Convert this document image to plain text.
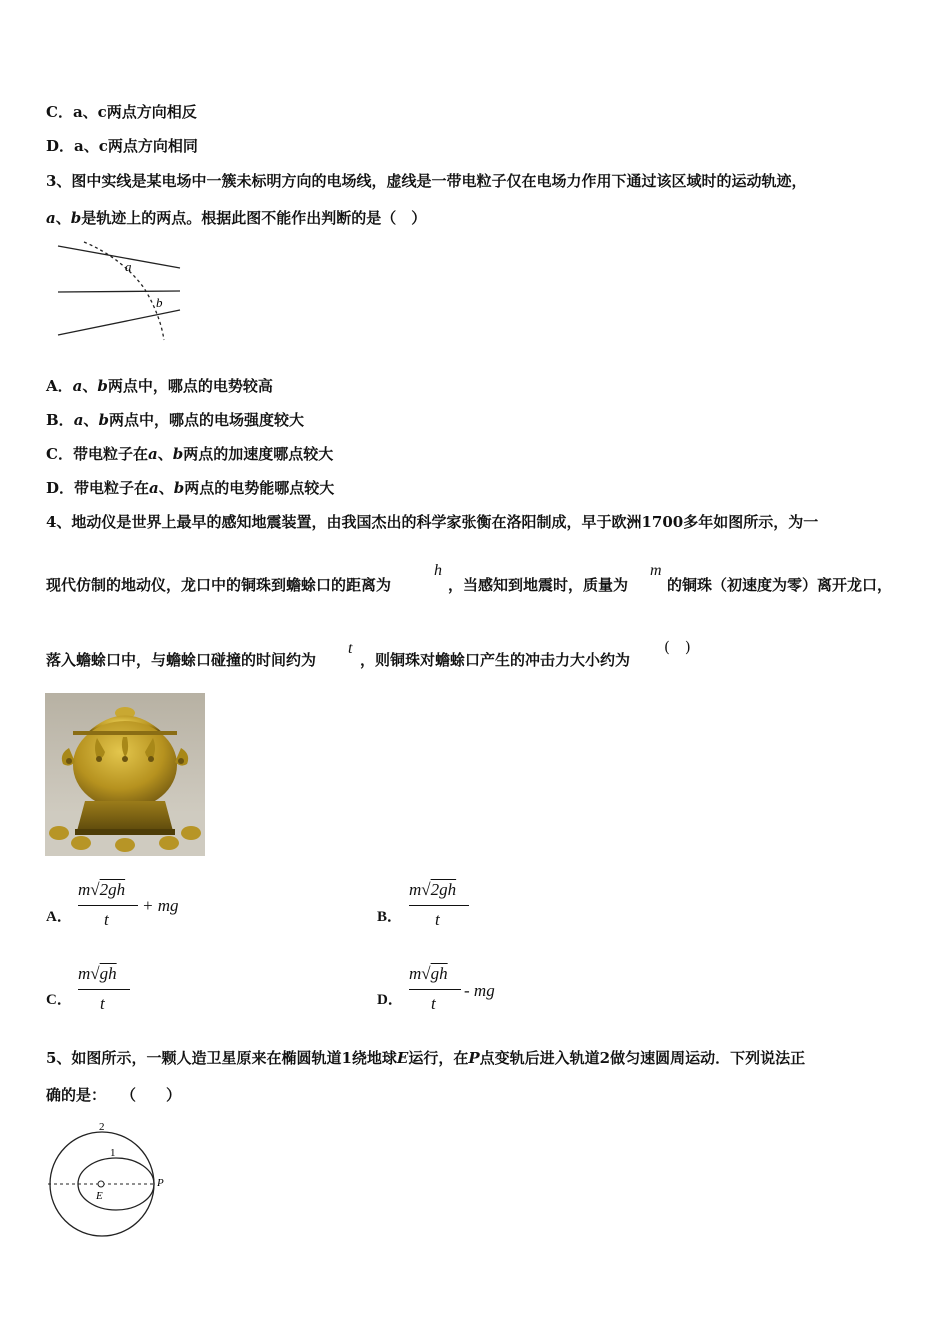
C．a、c两点方向相反
D．a、c两点方向相同
3、图中实线是某电场中一簇未标明方向的电场线，虚线是一带电粒子仅在电场力作用下通过该区域时的运动轨迹，
a、b是轨迹上的两点。根据此图不能作出判断的是（　）
a
b
A．a、b两点中，哪点的电势较高
B．a、b两点中，哪点的电场强度较大
C．带电粒子在a、b两点的加速度哪点较大
D．带电粒子在a、b两点的电势能哪点较大
4、地动仪是世界上最早的感知地震装置，由我国杰出的科学家张衡在洛阳制成，早于欧洲1700多年如图所示，为一
现代仿制的地动仪，龙口中的铜珠到蟾蜍口的距离为
h
，当感知到地震时，质量为
m
的铜珠（初速度为零）离开龙口，
落入蟾蜍口中，与蟾蜍口碰撞的时间约为
t
，则铜珠对蟾蜍口产生的冲击力大小约为
(　)
A．
m√2gh
t
+ mg
B．
m√2gh
t
C．
m√gh
t	D．
m√gh
t
- mg
5、如图所示，一颗人造卫星原来在椭圆轨道1绕地球E运行，在P点变轨后进入轨道2做匀速圆周运动．下列说法正
确的是：　　（　　）
2
1
E
P
